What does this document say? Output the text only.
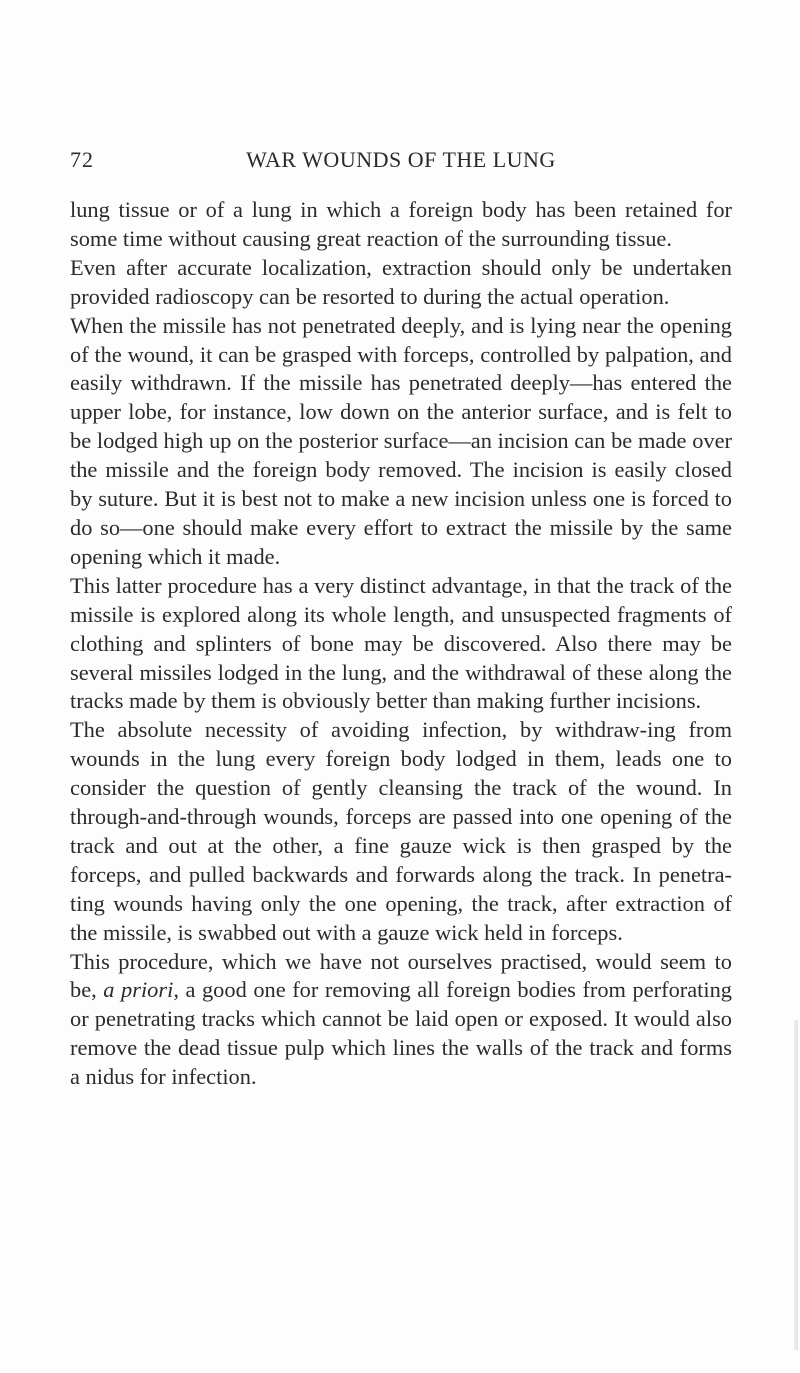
72	WAR WOUNDS OF THE LUNG

lung tissue or of a lung in which a foreign body has been retained for some time without causing great reaction of the surrounding tissue.

Even after accurate localization, extraction should only be undertaken provided radioscopy can be resorted to during the actual operation.

When the missile has not penetrated deeply, and is lying near the opening of the wound, it can be grasped with forceps, controlled by palpation, and easily withdrawn. If the missile has penetrated deeply—has entered the upper lobe, for instance, low down on the anterior surface, and is felt to be lodged high up on the posterior surface—an incision can be made over the missile and the foreign body removed. The incision is easily closed by suture. But it is best not to make a new incision unless one is forced to do so—one should make every effort to extract the missile by the same opening which it made.

This latter procedure has a very distinct advantage, in that the track of the missile is explored along its whole length, and unsuspected fragments of clothing and splinters of bone may be discovered. Also there may be several missiles lodged in the lung, and the withdrawal of these along the tracks made by them is obviously better than making further incisions.

The absolute necessity of avoiding infection, by withdraw-ing from wounds in the lung every foreign body lodged in them, leads one to consider the question of gently cleansing the track of the wound. In through-and-through wounds, forceps are passed into one opening of the track and out at the other, a fine gauze wick is then grasped by the forceps, and pulled backwards and forwards along the track. In penetra-ting wounds having only the one opening, the track, after extraction of the missile, is swabbed out with a gauze wick held in forceps.

This procedure, which we have not ourselves practised, would seem to be, a priori, a good one for removing all foreign bodies from perforating or penetrating tracks which cannot be laid open or exposed. It would also remove the dead tissue pulp which lines the walls of the track and forms a nidus for infection.
